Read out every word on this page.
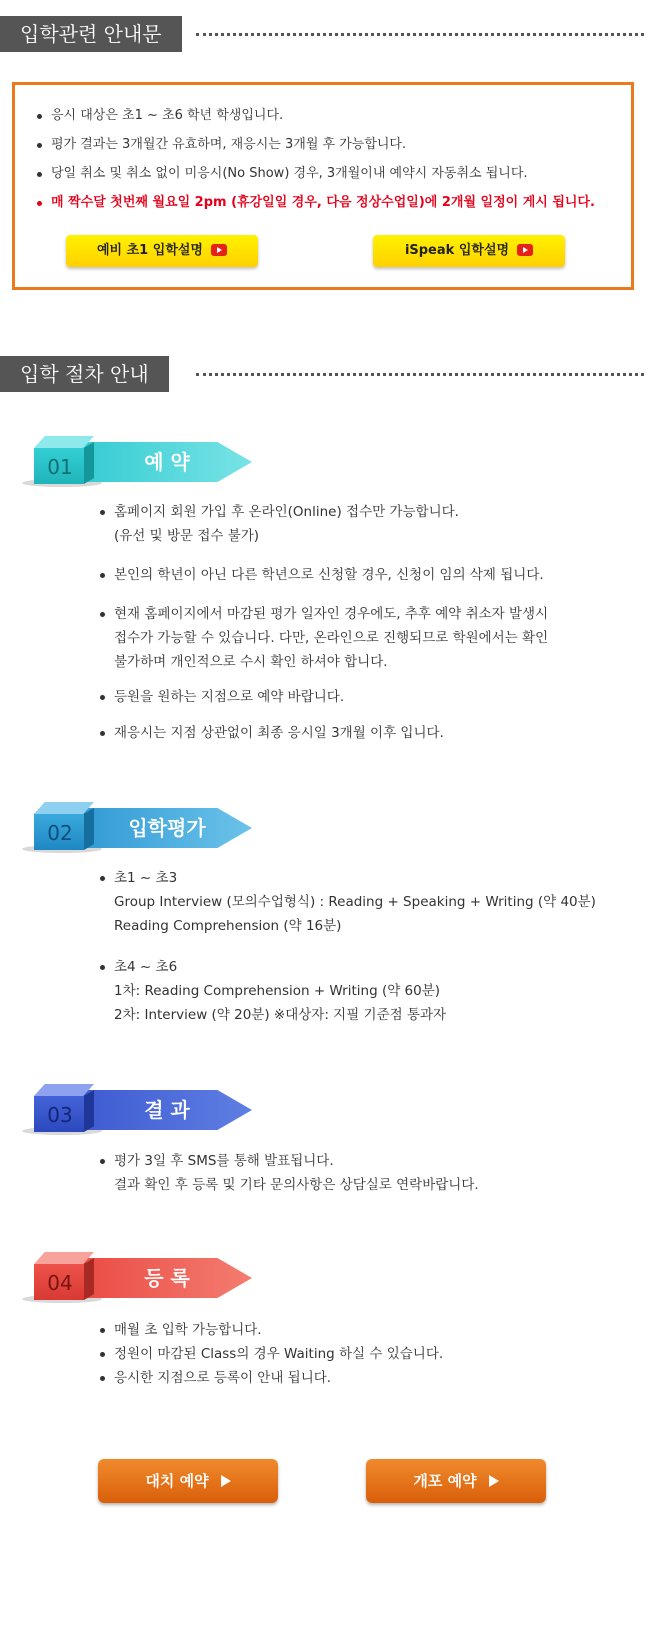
입학관련 안내문
응시 대상은 초1 ~ 초6 학년 학생입니다.
평가 결과는 3개월간 유효하며, 재응시는 3개월 후 가능합니다.
당일 취소 및 취소 없이 미응시(No Show) 경우, 3개월이내 예약시 자동취소 됩니다.
매 짝수달 첫번째 월요일 2pm (휴강일일 경우, 다음 정상수업일)에 2개월 일정이 게시 됩니다.
예비 초1 입학설명	iSpeak 입학설명
입학 절차 안내
01	예 약
홈페이지 회원 가입 후 온라인(Online) 접수만 가능합니다.
(유선 및 방문 접수 불가)
본인의 학년이 아닌 다른 학년으로 신청할 경우, 신청이 임의 삭제 됩니다.
현재 홈페이지에서 마감된 평가 일자인 경우에도, 추후 예약 취소자 발생시
접수가 가능할 수 있습니다. 다만, 온라인으로 진행되므로 학원에서는 확인
불가하며 개인적으로 수시 확인 하셔야 합니다.
등원을 원하는 지점으로 예약 바랍니다.
재응시는 지점 상관없이 최종 응시일 3개월 이후 입니다.
02	입학평가
초1 ~ 초3
Group Interview (모의수업형식) : Reading + Speaking + Writing (약 40분)
Reading Comprehension (약 16분)
초4 ~ 초6
1차: Reading Comprehension + Writing (약 60분)
2차: Interview (약 20분) ※대상자: 지필 기준점 통과자
03	결 과
평가 3일 후 SMS를 통해 발표됩니다.
결과 확인 후 등록 및 기타 문의사항은 상담실로 연락바랍니다.
04	등 록
매월 초 입학 가능합니다.
정원이 마감된 Class의 경우 Waiting 하실 수 있습니다.
응시한 지점으로 등록이 안내 됩니다.
대치 예약	개포 예약
